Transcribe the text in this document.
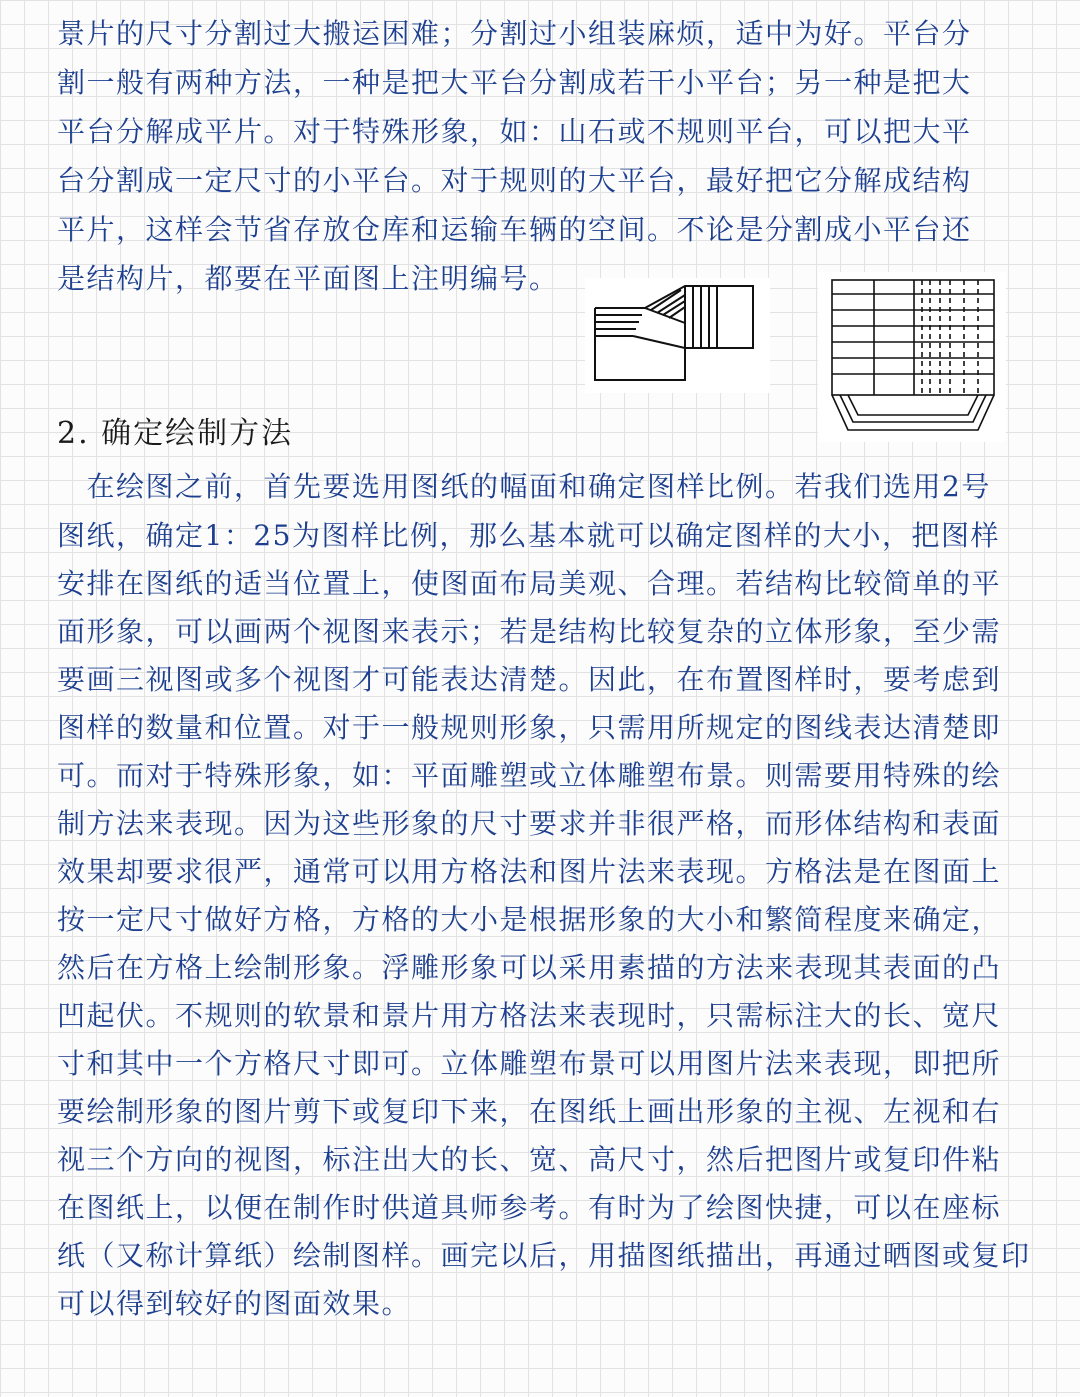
景片的尺寸分割过大搬运困难；分割过小组装麻烦，适中为好。平台分
割一般有两种方法，一种是把大平台分割成若干小平台；另一种是把大
平台分解成平片。对于特殊形象，如：山石或不规则平台，可以把大平
台分割成一定尺寸的小平台。对于规则的大平台，最好把它分解成结构
平片，这样会节省存放仓库和运输车辆的空间。不论是分割成小平台还
是结构片，都要在平面图上注明编号。
2. 确定绘制方法
　在绘图之前，首先要选用图纸的幅面和确定图样比例。若我们选用2号
图纸，确定1：25为图样比例，那么基本就可以确定图样的大小，把图样
安排在图纸的适当位置上，使图面布局美观、合理。若结构比较简单的平
面形象，可以画两个视图来表示；若是结构比较复杂的立体形象，至少需
要画三视图或多个视图才可能表达清楚。因此，在布置图样时，要考虑到
图样的数量和位置。对于一般规则形象，只需用所规定的图线表达清楚即
可。而对于特殊形象，如：平面雕塑或立体雕塑布景。则需要用特殊的绘
制方法来表现。因为这些形象的尺寸要求并非很严格，而形体结构和表面
效果却要求很严，通常可以用方格法和图片法来表现。方格法是在图面上
按一定尺寸做好方格，方格的大小是根据形象的大小和繁简程度来确定，
然后在方格上绘制形象。浮雕形象可以采用素描的方法来表现其表面的凸
凹起伏。不规则的软景和景片用方格法来表现时，只需标注大的长、宽尺
寸和其中一个方格尺寸即可。立体雕塑布景可以用图片法来表现，即把所
要绘制形象的图片剪下或复印下来，在图纸上画出形象的主视、左视和右
视三个方向的视图，标注出大的长、宽、高尺寸，然后把图片或复印件粘
在图纸上，以便在制作时供道具师参考。有时为了绘图快捷，可以在座标
纸（又称计算纸）绘制图样。画完以后，用描图纸描出，再通过晒图或复印
可以得到较好的图面效果。
